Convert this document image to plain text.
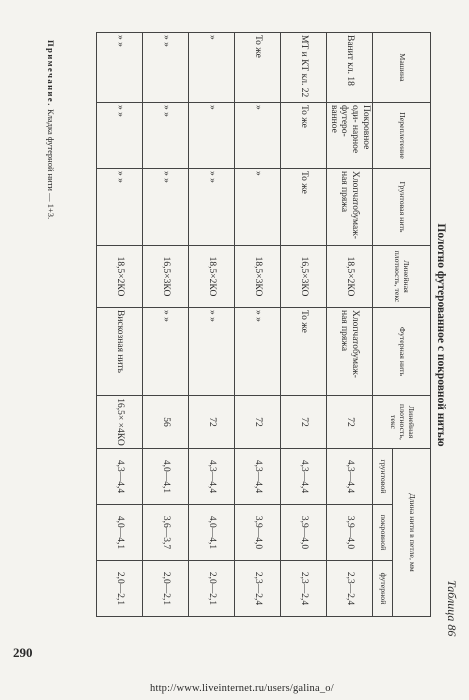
290
http://www.liveinternet.ru/users/galina_o/
Таблица 86
Полотно футерованное с покровной нитью
Машина	Переплетение	Грунтовая нить	Линейная плотность, текс	Футерная нить	Линейная плотность, текс	Длина нити в петле, мм		
						грунтовой	покровной	футерной
Ванит кл. 18	Покровное оди- нарное футеро- ванное	Хлопчатобумаж- ная пряжа	18,5×2КО	Хлопчатобумаж- ная пряжа	72	4,3—4,4	3,9—4,0	2,3—2,4
МТ и КТ кл. 22	То же	То же	16,5×3КО	То же	72	4,3—4,4	3,9—4,0	2,3—2,4
То же	»	»	18,5×3КО	» »	72	4,3—4,4	3,9—4,0	2,3—2,4
»	»	» »	18,5×2КО	» »	72	4,3—4,4	4,0—4,1	2,0—2,1
» »	» »	» »	16,5×3КО	» »	56	4,0—4,1	3,6—3,7	2,0—2,1
» »	» »	» »	18,5×2КО	Вискозная нить	16,5× ×4КО	4,3—4,4	4,0—4,1	2,0—2,1
Примечание. Кладка футерной нити — 1+3.
